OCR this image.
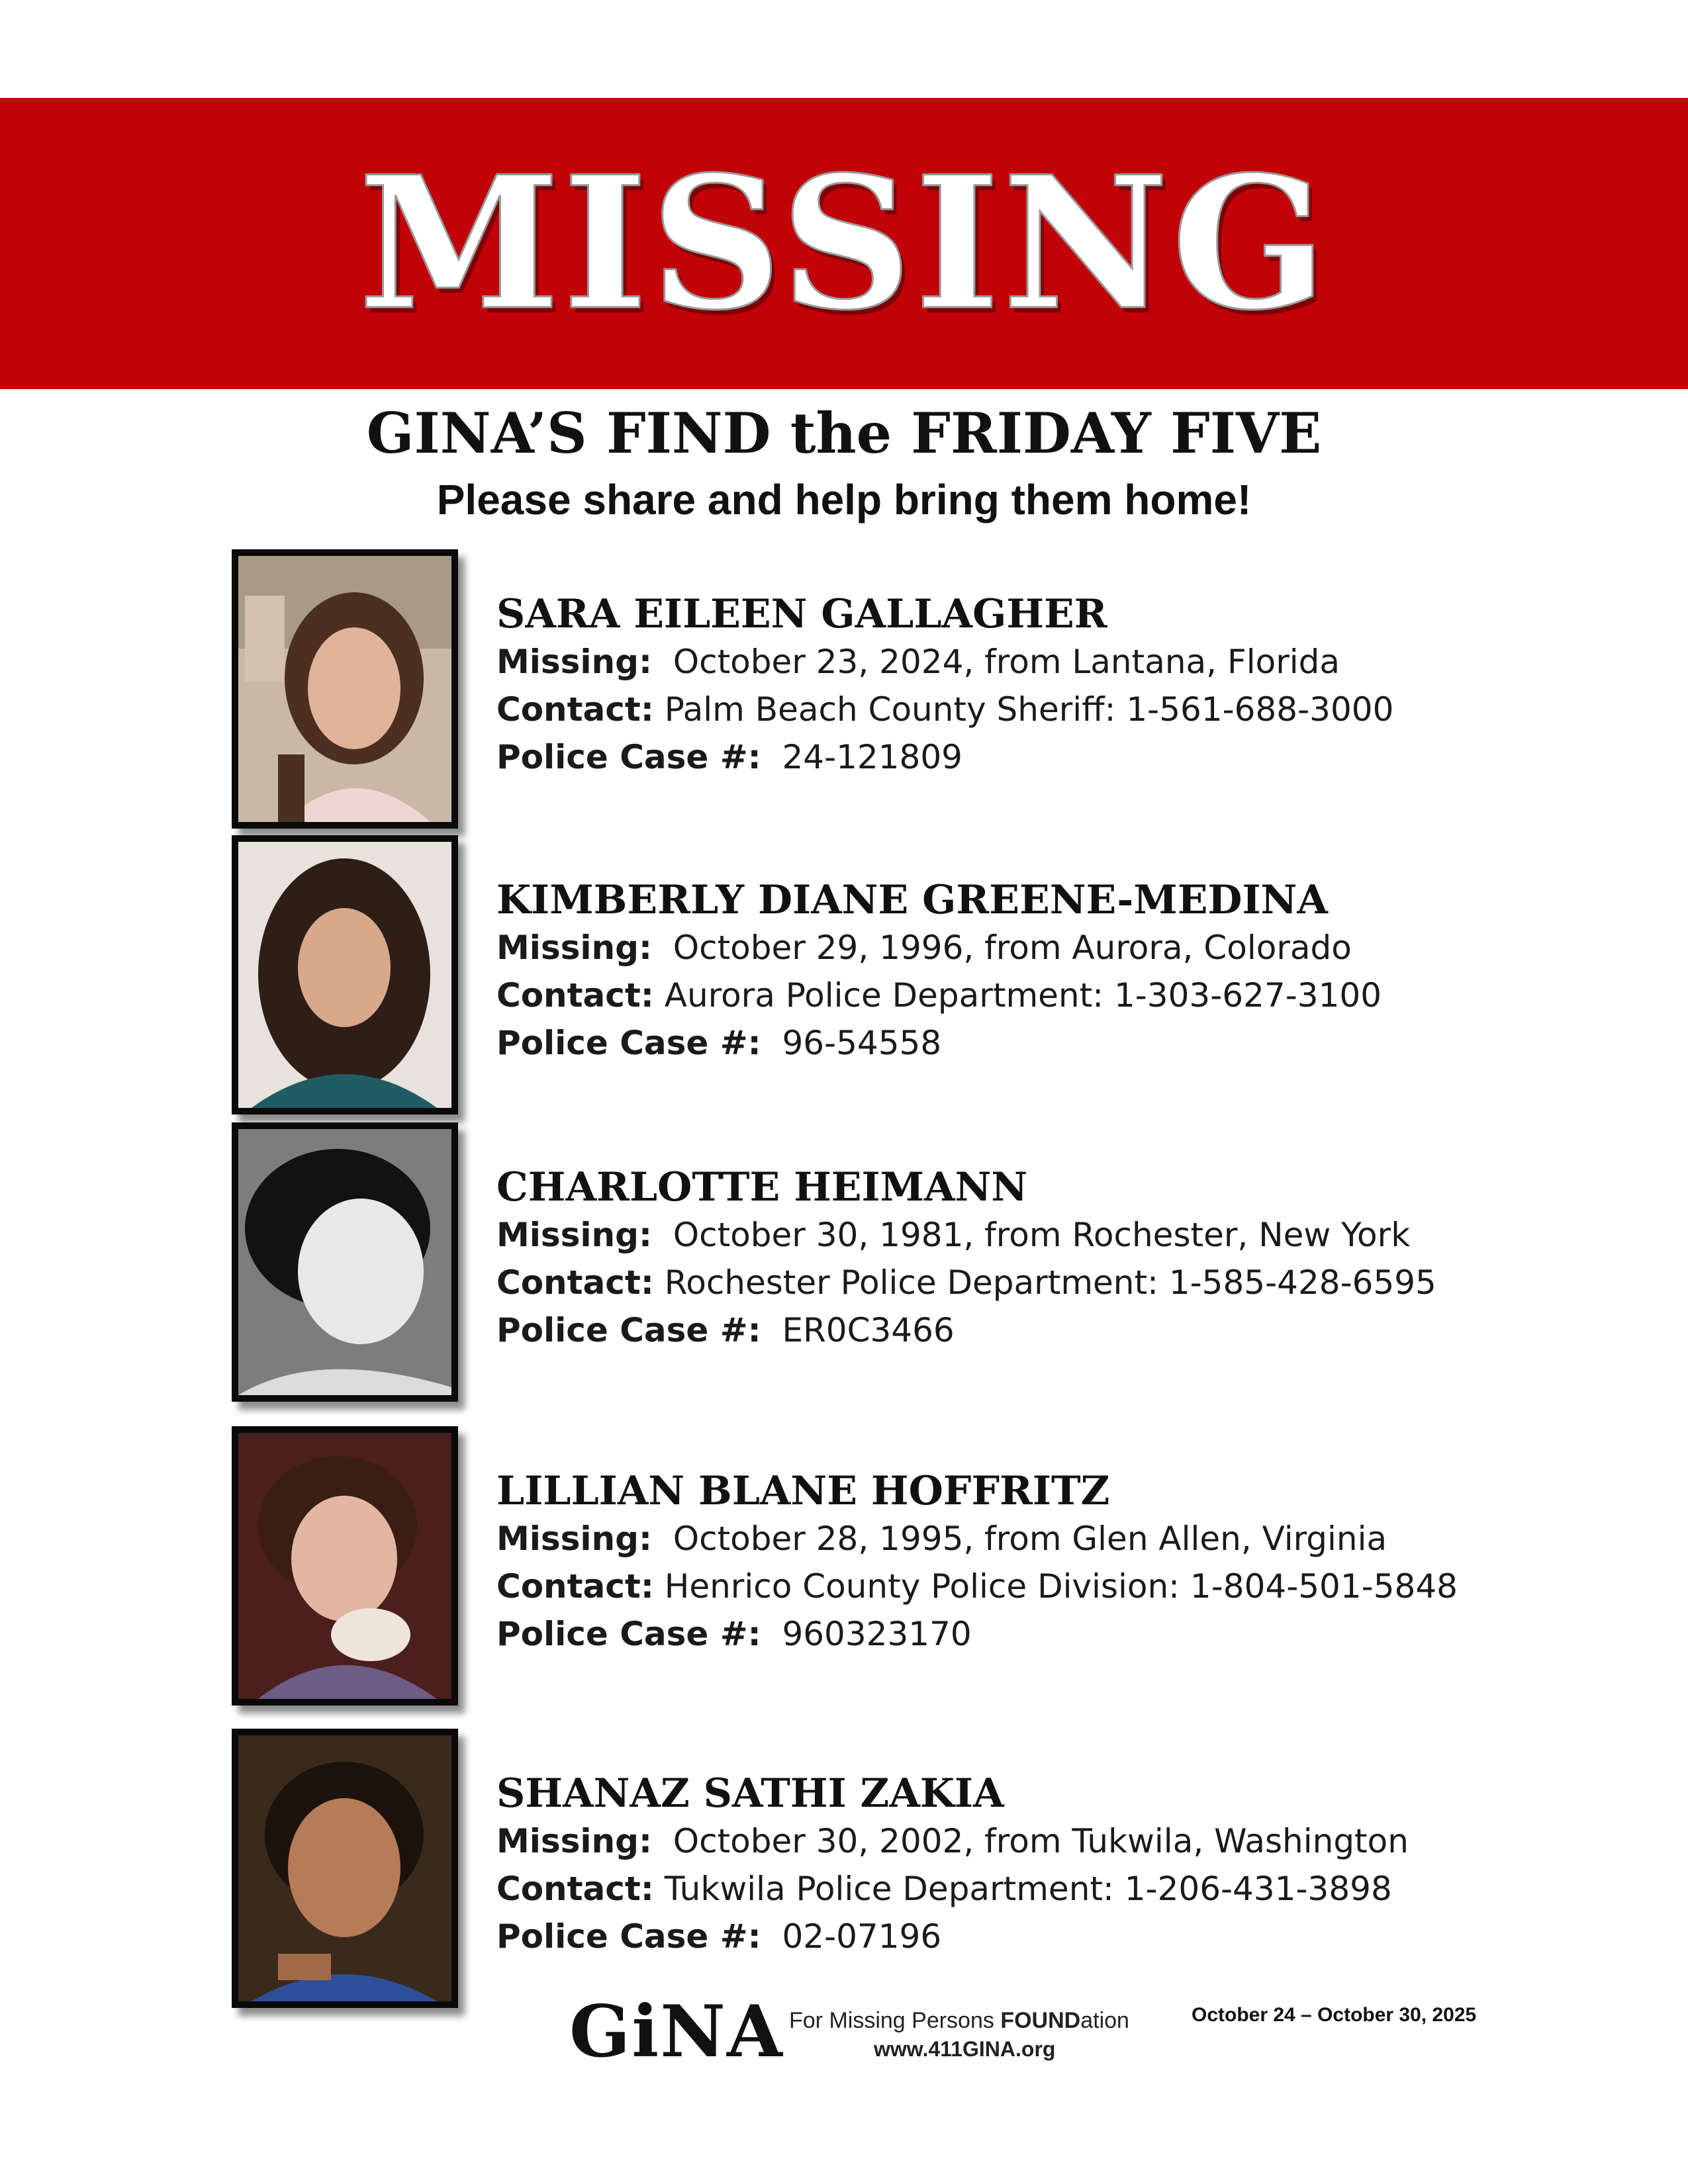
MISSING
GINA’S FIND the FRIDAY FIVE
Please share and help bring them home!
SARA EILEEN GALLAGHER
Missing: October 23, 2024, from Lantana, Florida
Contact: Palm Beach County Sheriff: 1-561-688-3000
Police Case #: 24-121809
KIMBERLY DIANE GREENE-MEDINA
Missing: October 29, 1996, from Aurora, Colorado
Contact: Aurora Police Department: 1-303-627-3100
Police Case #: 96-54558
CHARLOTTE HEIMANN
Missing: October 30, 1981, from Rochester, New York
Contact: Rochester Police Department: 1-585-428-6595
Police Case #: ER0C3466
LILLIAN BLANE HOFFRITZ
Missing: October 28, 1995, from Glen Allen, Virginia
Contact: Henrico County Police Division: 1-804-501-5848
Police Case #: 960323170
SHANAZ SATHI ZAKIA
Missing: October 30, 2002, from Tukwila, Washington
Contact: Tukwila Police Department: 1-206-431-3898
Police Case #: 02-07196
GiNA For Missing Persons FOUNDation
www.411GINA.org
October 24 – October 30, 2025
